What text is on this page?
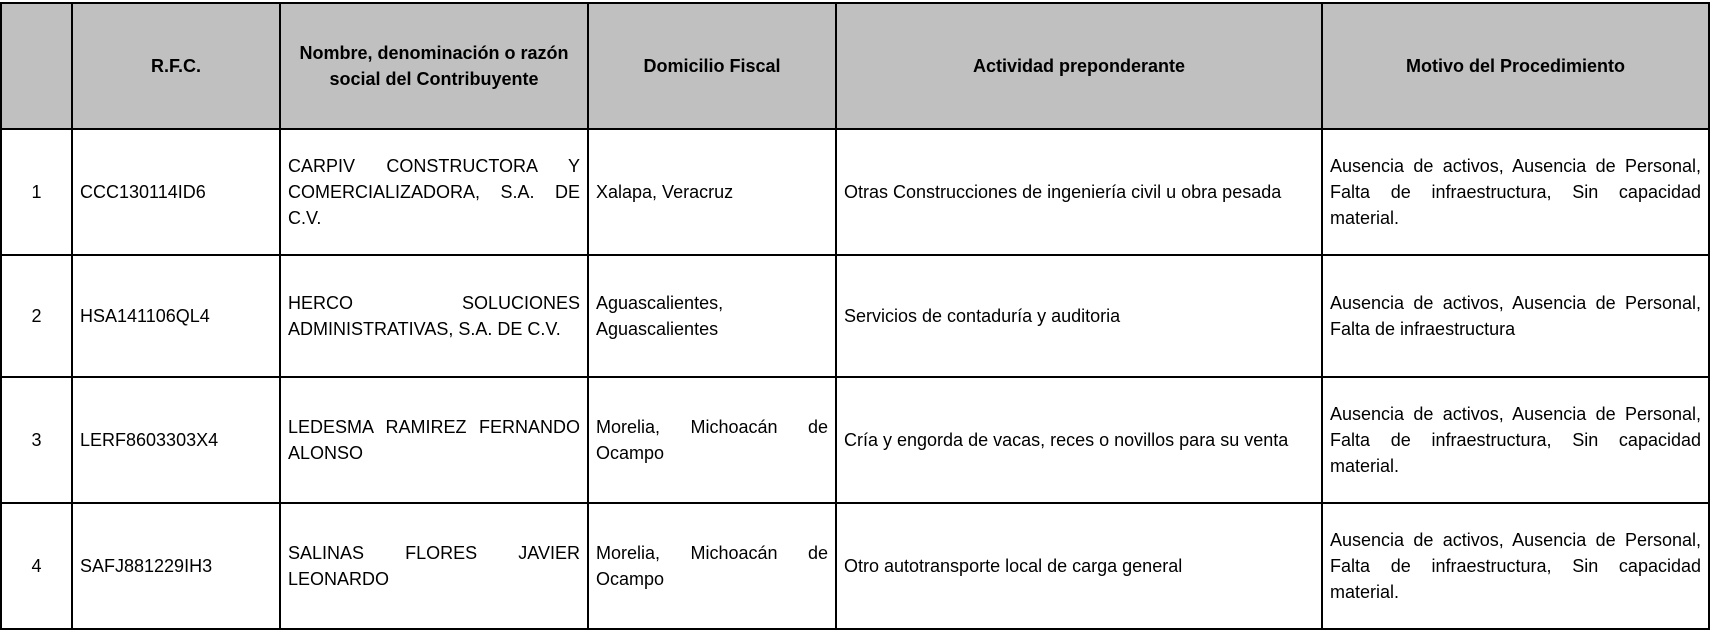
	R.F.C.	Nombre, denominación o razón social del Contribuyente	Domicilio Fiscal	Actividad preponderante	Motivo del Procedimiento
1	CCC130114ID6	CARPIV CONSTRUCTORA Y COMERCIALIZADORA, S.A. DE C.V.	Xalapa, Veracruz	Otras Construcciones de ingeniería civil u obra pesada	Ausencia de activos, Ausencia de Personal, Falta de infraestructura, Sin capacidad material.
2	HSA141106QL4	HERCO SOLUCIONES ADMINISTRATIVAS, S.A. DE C.V.	Aguascalientes, Aguascalientes	Servicios de contaduría y auditoria	Ausencia de activos, Ausencia de Personal, Falta de infraestructura
3	LERF8603303X4	LEDESMA RAMIREZ FERNANDO ALONSO	Morelia, Michoacán de Ocampo	Cría y engorda de vacas, reces o novillos para su venta	Ausencia de activos, Ausencia de Personal, Falta de infraestructura, Sin capacidad material.
4	SAFJ881229IH3	SALINAS FLORES JAVIER LEONARDO	Morelia, Michoacán de Ocampo	Otro autotransporte local de carga general	Ausencia de activos, Ausencia de Personal, Falta de infraestructura, Sin capacidad material.
